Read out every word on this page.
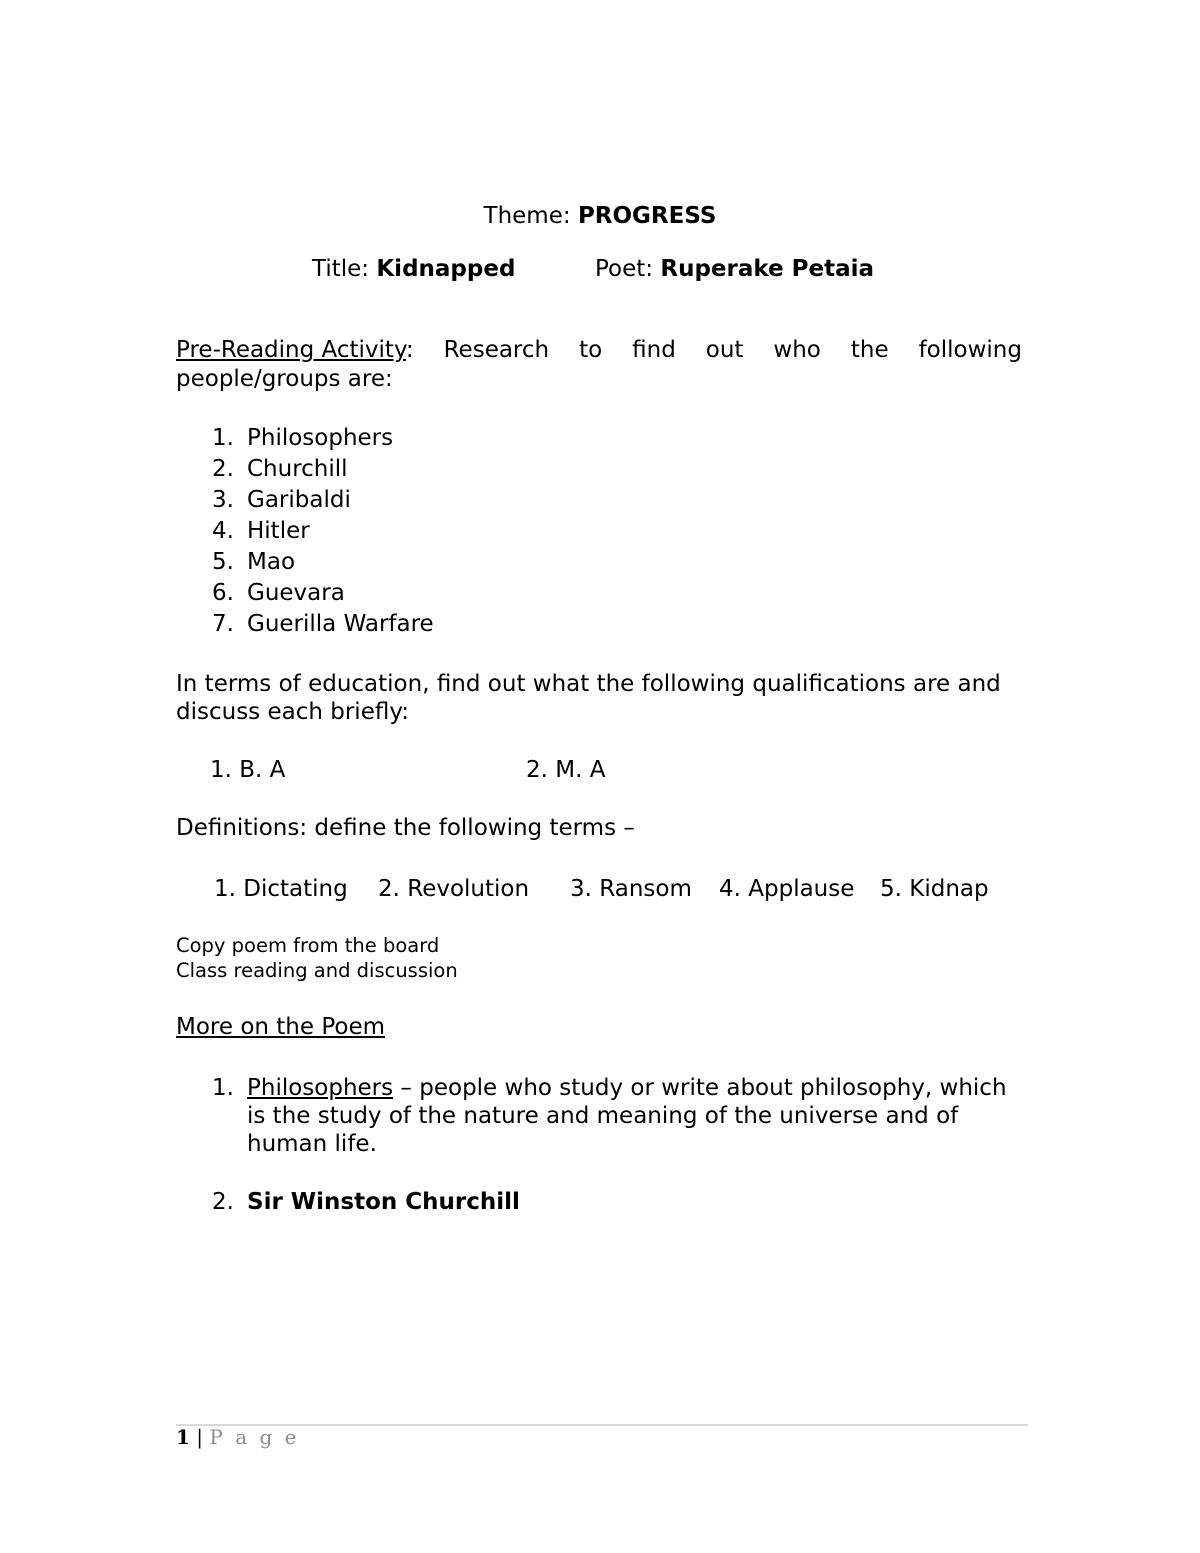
Theme: PROGRESS
Title: Kidnapped	Poet: Ruperake Petaia
Pre-Reading Activity: Research to find out who the following
people/groups are:
1. Philosophers
2. Churchill
3. Garibaldi
4. Hitler
5. Mao
6. Guevara
7. Guerilla Warfare
In terms of education, find out what the following qualifications are and
discuss each briefly:
1. B. A	2. M. A
Definitions: define the following terms –
1. Dictating 2. Revolution 3. Ransom 4. Applause 5. Kidnap
Copy poem from the board
Class reading and discussion
More on the Poem
1. Philosophers – people who study or write about philosophy, which is the study of the nature and meaning of the universe and of human life.
2. Sir Winston Churchill
1 | P a g e
